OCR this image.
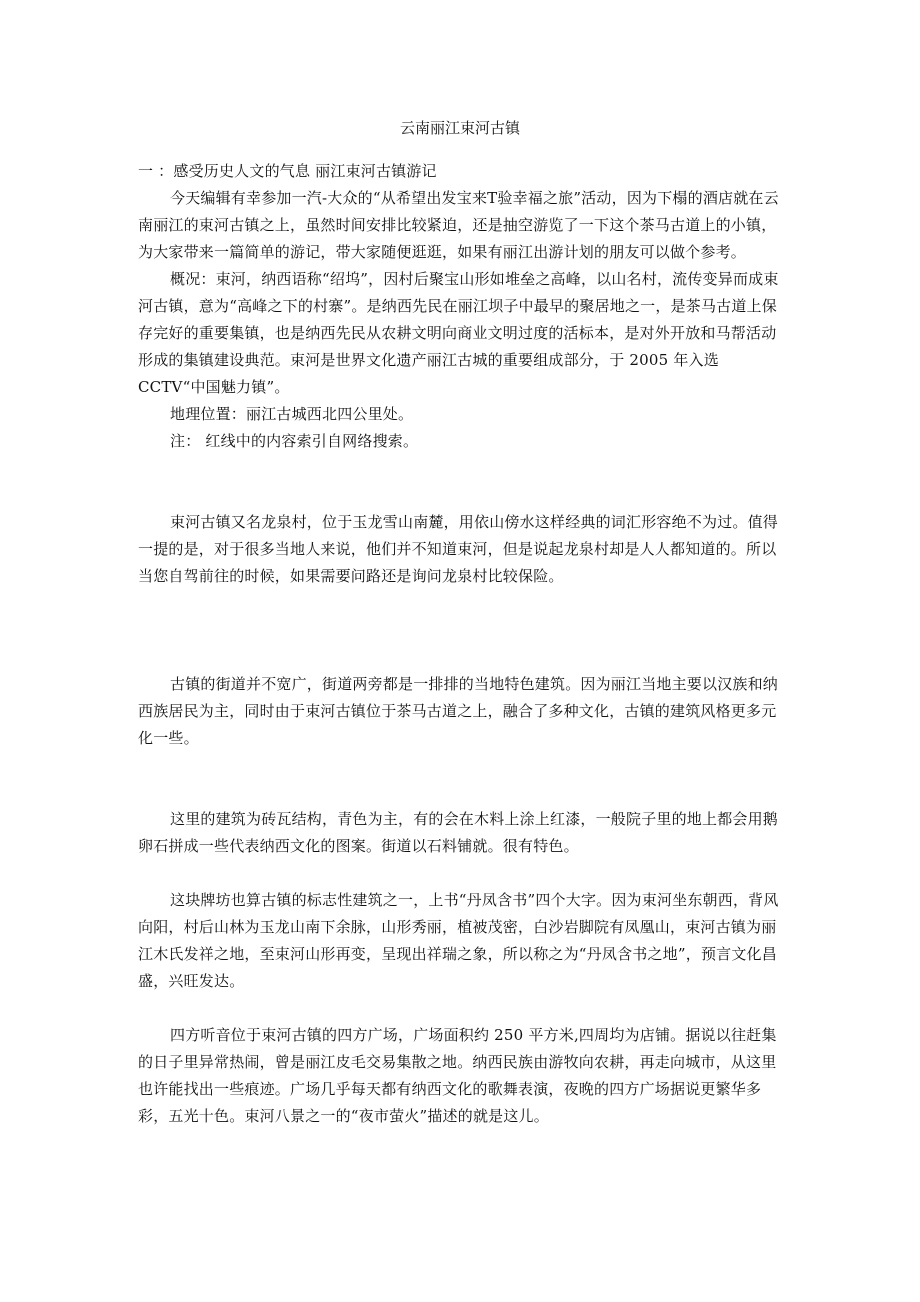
云南丽江束河古镇

一 ：感受历史人文的气息 丽江束河古镇游记

今天编辑有幸参加一汽-大众的“从希望出发宝来T验幸福之旅”活动，因为下榻的酒店就在云南丽江的束河古镇之上，虽然时间安排比较紧迫，还是抽空游览了一下这个茶马古道上的小镇，为大家带来一篇简单的游记，带大家随便逛逛，如果有丽江出游计划的朋友可以做个参考。

概况：束河，纳西语称“绍坞”，因村后聚宝山形如堆垒之高峰，以山名村，流传变异而成束河古镇，意为“高峰之下的村寨”。是纳西先民在丽江坝子中最早的聚居地之一，是茶马古道上保存完好的重要集镇，也是纳西先民从农耕文明向商业文明过度的活标本，是对外开放和马帮活动形成的集镇建设典范。束河是世界文化遗产丽江古城的重要组成部分，于 2005 年入选 CCTV“中国魅力镇”。

地理位置：丽江古城西北四公里处。

注： 红线中的内容索引自网络搜索。

束河古镇又名龙泉村，位于玉龙雪山南麓，用依山傍水这样经典的词汇形容绝不为过。值得一提的是，对于很多当地人来说，他们并不知道束河，但是说起龙泉村却是人人都知道的。所以当您自驾前往的时候，如果需要问路还是询问龙泉村比较保险。

古镇的街道并不宽广，街道两旁都是一排排的当地特色建筑。因为丽江当地主要以汉族和纳西族居民为主，同时由于束河古镇位于茶马古道之上，融合了多种文化，古镇的建筑风格更多元化一些。

这里的建筑为砖瓦结构，青色为主，有的会在木料上涂上红漆，一般院子里的地上都会用鹅卵石拼成一些代表纳西文化的图案。街道以石料铺就。很有特色。

这块牌坊也算古镇的标志性建筑之一，上书“丹凤含书”四个大字。因为束河坐东朝西，背风向阳，村后山林为玉龙山南下余脉，山形秀丽，植被茂密，白沙岩脚院有凤凰山，束河古镇为丽江木氏发祥之地，至束河山形再变，呈现出祥瑞之象，所以称之为“丹凤含书之地”，预言文化昌盛，兴旺发达。

四方听音位于束河古镇的四方广场，广场面积约 250 平方米,四周均为店铺。据说以往赶集的日子里异常热闹，曾是丽江皮毛交易集散之地。纳西民族由游牧向农耕，再走向城市，从这里也许能找出一些痕迹。广场几乎每天都有纳西文化的歌舞表演，夜晚的四方广场据说更繁华多彩，五光十色。束河八景之一的“夜市萤火”描述的就是这儿。
